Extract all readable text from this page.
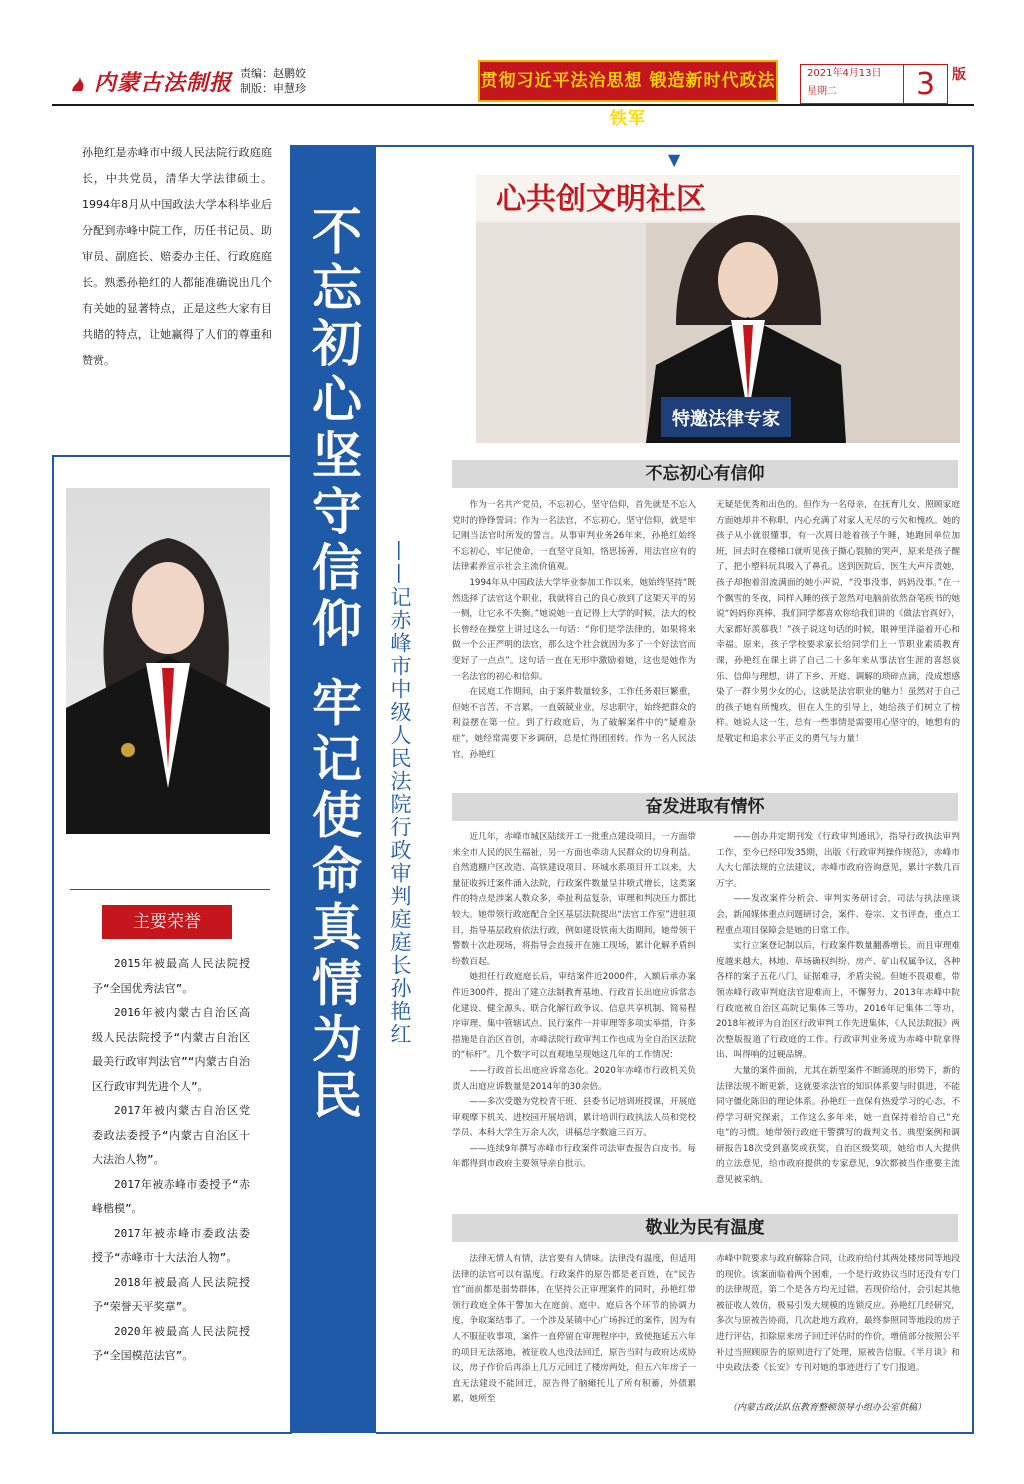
内蒙古法制报 责编：赵鹏姣
制版：申慧珍	贯彻习近平法治思想 锻造新时代政法铁军
2021年4月13日
星期二	3	版
▼
孙艳红是赤峰市中级人民法院行政庭庭长，中共党员，清华大学法律硕士。1994年8月从中国政法大学本科毕业后分配到赤峰中院工作，历任书记员、助审员、副庭长、赔委办主任、行政庭庭长。熟悉孙艳红的人都能准确说出几个有关她的显著特点，正是这些大家有目共睹的特点，让她赢得了人们的尊重和赞赏。	不忘初心坚守信仰 牢记使命真情为民	——记赤峰市中级人民法院行政审判庭庭长孙艳红
心共创文明社区
特邀法律专家
主要荣誉
2015年被最高人民法院授予“全国优秀法官”。
2016年被内蒙古自治区高级人民法院授予“内蒙古自治区最美行政审判法官”“内蒙古自治区行政审判先进个人”。
2017年被内蒙古自治区党委政法委授予“内蒙古自治区十大法治人物”。
2017年被赤峰市委授予“赤峰楷模”。
2017年被赤峰市委政法委授予“赤峰市十大法治人物”。
2018年被最高人民法院授予“荣誉天平奖章”。
2020年被最高人民法院授予“全国模范法官”。
不忘初心有信仰

作为一名共产党员，不忘初心，坚守信仰，首先就是不忘入党时的铮铮誓词；作为一名法官，不忘初心，坚守信仰，就是牢记刚当法官时所发的誓言。从事审判业务26年来，孙艳红始终不忘初心，牢记使命，一直坚守良知，恪思扬善，用法官应有的法律素养宣示社会主流价值观。

1994年从中国政法大学毕业参加工作以来，她始终坚持“既然选择了法官这个职业，我就将自己的良心放到了这架天平的另一侧，让它永不失衡。”她说她一直记得上大学的时候，法大的校长曾经在操堂上讲过这么一句话：“你们是学法律的，如果将来做一个公正严明的法官，那么这个社会就因为多了一个好法官而变好了一点点”。这句话一直在无形中激励着她，这也是她作为一名法官的初心和信仰。

在民庭工作期间，由于案件数量较多，工作任务艰巨繁重，但她不言苦、不言累，一直兢兢业业，尽忠职守，始终把群众的利益摆在第一位。到了行政庭后，为了破解案件中的“疑难杂症”，她经常需要下乡调研，总是忙得团团转。作为一名人民法官，孙艳红

无疑是优秀和出色的。但作为一名母亲，在抚育儿女、照顾家庭方面她却并不称职，内心充满了对家人无尽的亏欠和愧疚。她的孩子从小就很懂事，有一次周日趁着孩子午睡，她跑回单位加班，回去时在楼梯口就听见孩子撕心裂肺的哭声，原来是孩子醒了，把小塑料玩具吸入了鼻孔。送到医院后，医生大声斥责她，孩子却抱着泪流满面的她小声说，“没事没事，妈妈没事。”在一个飘雪的冬夜，同样入睡的孩子忽然对电脑前依然奋笔疾书的她说“妈妈你真棒，我们同学都喜欢你给我们讲的《做法官真好》，大家都好羡慕我！”孩子说这句话的时候，眼神里洋溢着开心和幸福。原来，孩子学校要求家长给同学们上一节职业素质教育课，孙艳红在课上讲了自己二十多年来从事法官生涯的喜怒哀乐、信仰与理想，讲了下乡、开庭、调解的琐碎点滴，没成想感染了一群少男少女的心，这就是法官职业的魅力！虽然对于自己的孩子她有所愧疚，但在人生的引导上，她给孩子们树立了榜样。她说人这一生，总有一些事情是需要用心坚守的，她想有的是敬定和追求公平正义的勇气与力量！

奋发进取有情怀

近几年，赤峰市城区陆续开工一批重点建设项目，一方面带来全市人民的民生福祉，另一方面也牵动人民群众的切身利益。自然遗棚户区改造、高铁建设项目、环城水系项目开工以来，大量征收拆迁案件涌入法院，行政案件数量呈井喷式增长，这类案件的特点是涉案人数众多，牵扯利益复杂，审理和判决压力都比较大。她带领行政庭配合全区基层法院提出“法官工作室”进驻项目，指导基层政府依法行政，例如建设铁南大街期间，她带领干警数十次赴现场，将指导会直接开在施工现场，累计化解矛盾纠纷数百起。

她担任行政庭庭长后，审结案件近2000件，入额后承办案件近300件，提出了建立法制教育基地、行政首长出庭应诉常态化建设、健全源头、联合化解行政争议、信息共享机制、简易程序审理、集中管辖试点、民行案件一并审理等多项实举措，许多措施是自治区首创，赤峰法院行政审判工作也成为全自治区法院的“标杆”。几个数字可以直观地呈现她这几年的工作情况：

——行政首长出庭应诉常态化。2020年赤峰市行政机关负责人出庭应诉数量是2014年的30余倍。

——多次受邀为党校青干班、县委书记培训班授课，开展庭审观摩下机关、进校园开展培训，累计培训行政执法人员和党校学员、本科大学生万余人次，讲稿总字数逾三百万。

——连续9年撰写赤峰市行政案件司法审查报告白皮书。每年都得到市政府主要领导亲自批示。

——创办并定期刊发《行政审判通讯》，指导行政执法审判工作，至今已经印发35期，出版《行政审判操作规范》，赤峰市人大七部法规的立法建议，赤峰市政府咨询意见，累计字数几百万字。

——发改案件分析会、审判实务研讨会，司法与执法座谈会，新闻媒体重点问题研讨会，案件、卷宗、文书评查，重点工程重点项目保障会是她的日常工作。

实行立案登记制以后，行政案件数量翻番增长，而且审理难度越来越大，林地、草场确权纠纷、房产、矿山权属争议，各种各样的案子五花八门，证据难寻，矛盾尖锐。但她不畏艰难，带领赤峰行政审判庭法官迎难而上，不懈努力，2013年赤峰中院行政庭被自治区高院记集体三等功，2016年记集体二等功，2018年被评为自治区行政审判工作先进集体，《人民法院报》两次整版报道了行政庭的工作。行政审判业务成为赤峰中院拿得出、叫得响的过硬品牌。

大量的案件面前，尤其在新型案件不断涌现的形势下，新的法律法规不断更新，这就要求法官的知识体系要与时俱进，不能同守僵化陈旧的理论体系。孙艳红一直保有热爱学习的心态，不停学习研究探索，工作这么多年来，她一直保持着给自己“充电”的习惯。她带领行政庭干警撰写的裁判文书、典型案例和调研报告18次受到嘉奖或获奖，自治区级奖项，她给市人大提供的立法意见，给市政府提供的专家意见，9次都被当作重要主流意见被采纳。

敬业为民有温度

法律无情人有情，法官要有人情味。法律没有温度，但适用法律的法官可以有温度。行政案件的原告都是老百姓，在“民告官”面前都是弱势群体，在坚持公正审理案件的同时，孙艳红带领行政庭全体干警加大在庭前、庭中、庭后各个环节的协调力度，争取案结事了。一个涉及某镇中心广场拆迁的案件，因为有人不服征收事项，案件一直停留在审理程序中，致使拖延五六年的项目无法落地，被征收人也没法回迁，原告当时与政府达成协议，房子作价后再添上几万元回迁了楼房两处，但五六年房子一直无法建设不能回迁，原告得了脑瘫托儿了所有积蓄，外债累累，她所至

赤峰中院要求与政府解除合同，让政府给付其两处楼房同等地段的现价。该案面临着两个困难，一个是行政协议当时还没有专门的法律规范，第二个是各方均无过错，若现价给付，会引起其他被征收人效仿，极易引发大规模的连锁反应。孙艳红几经研究，多次与原被告协商，几次赴地方政府，最终参照同等地段的房子进行评估，扣除原来房子回迁评估时的作价，增值部分按照公平补过当照顾原告的原则进行了处理，原被告信服。《半月谈》和中央政法委《长安》专刊对她的事迹进行了专门报道。

（内蒙古政法队伍教育整顿领导小组办公室供稿）
